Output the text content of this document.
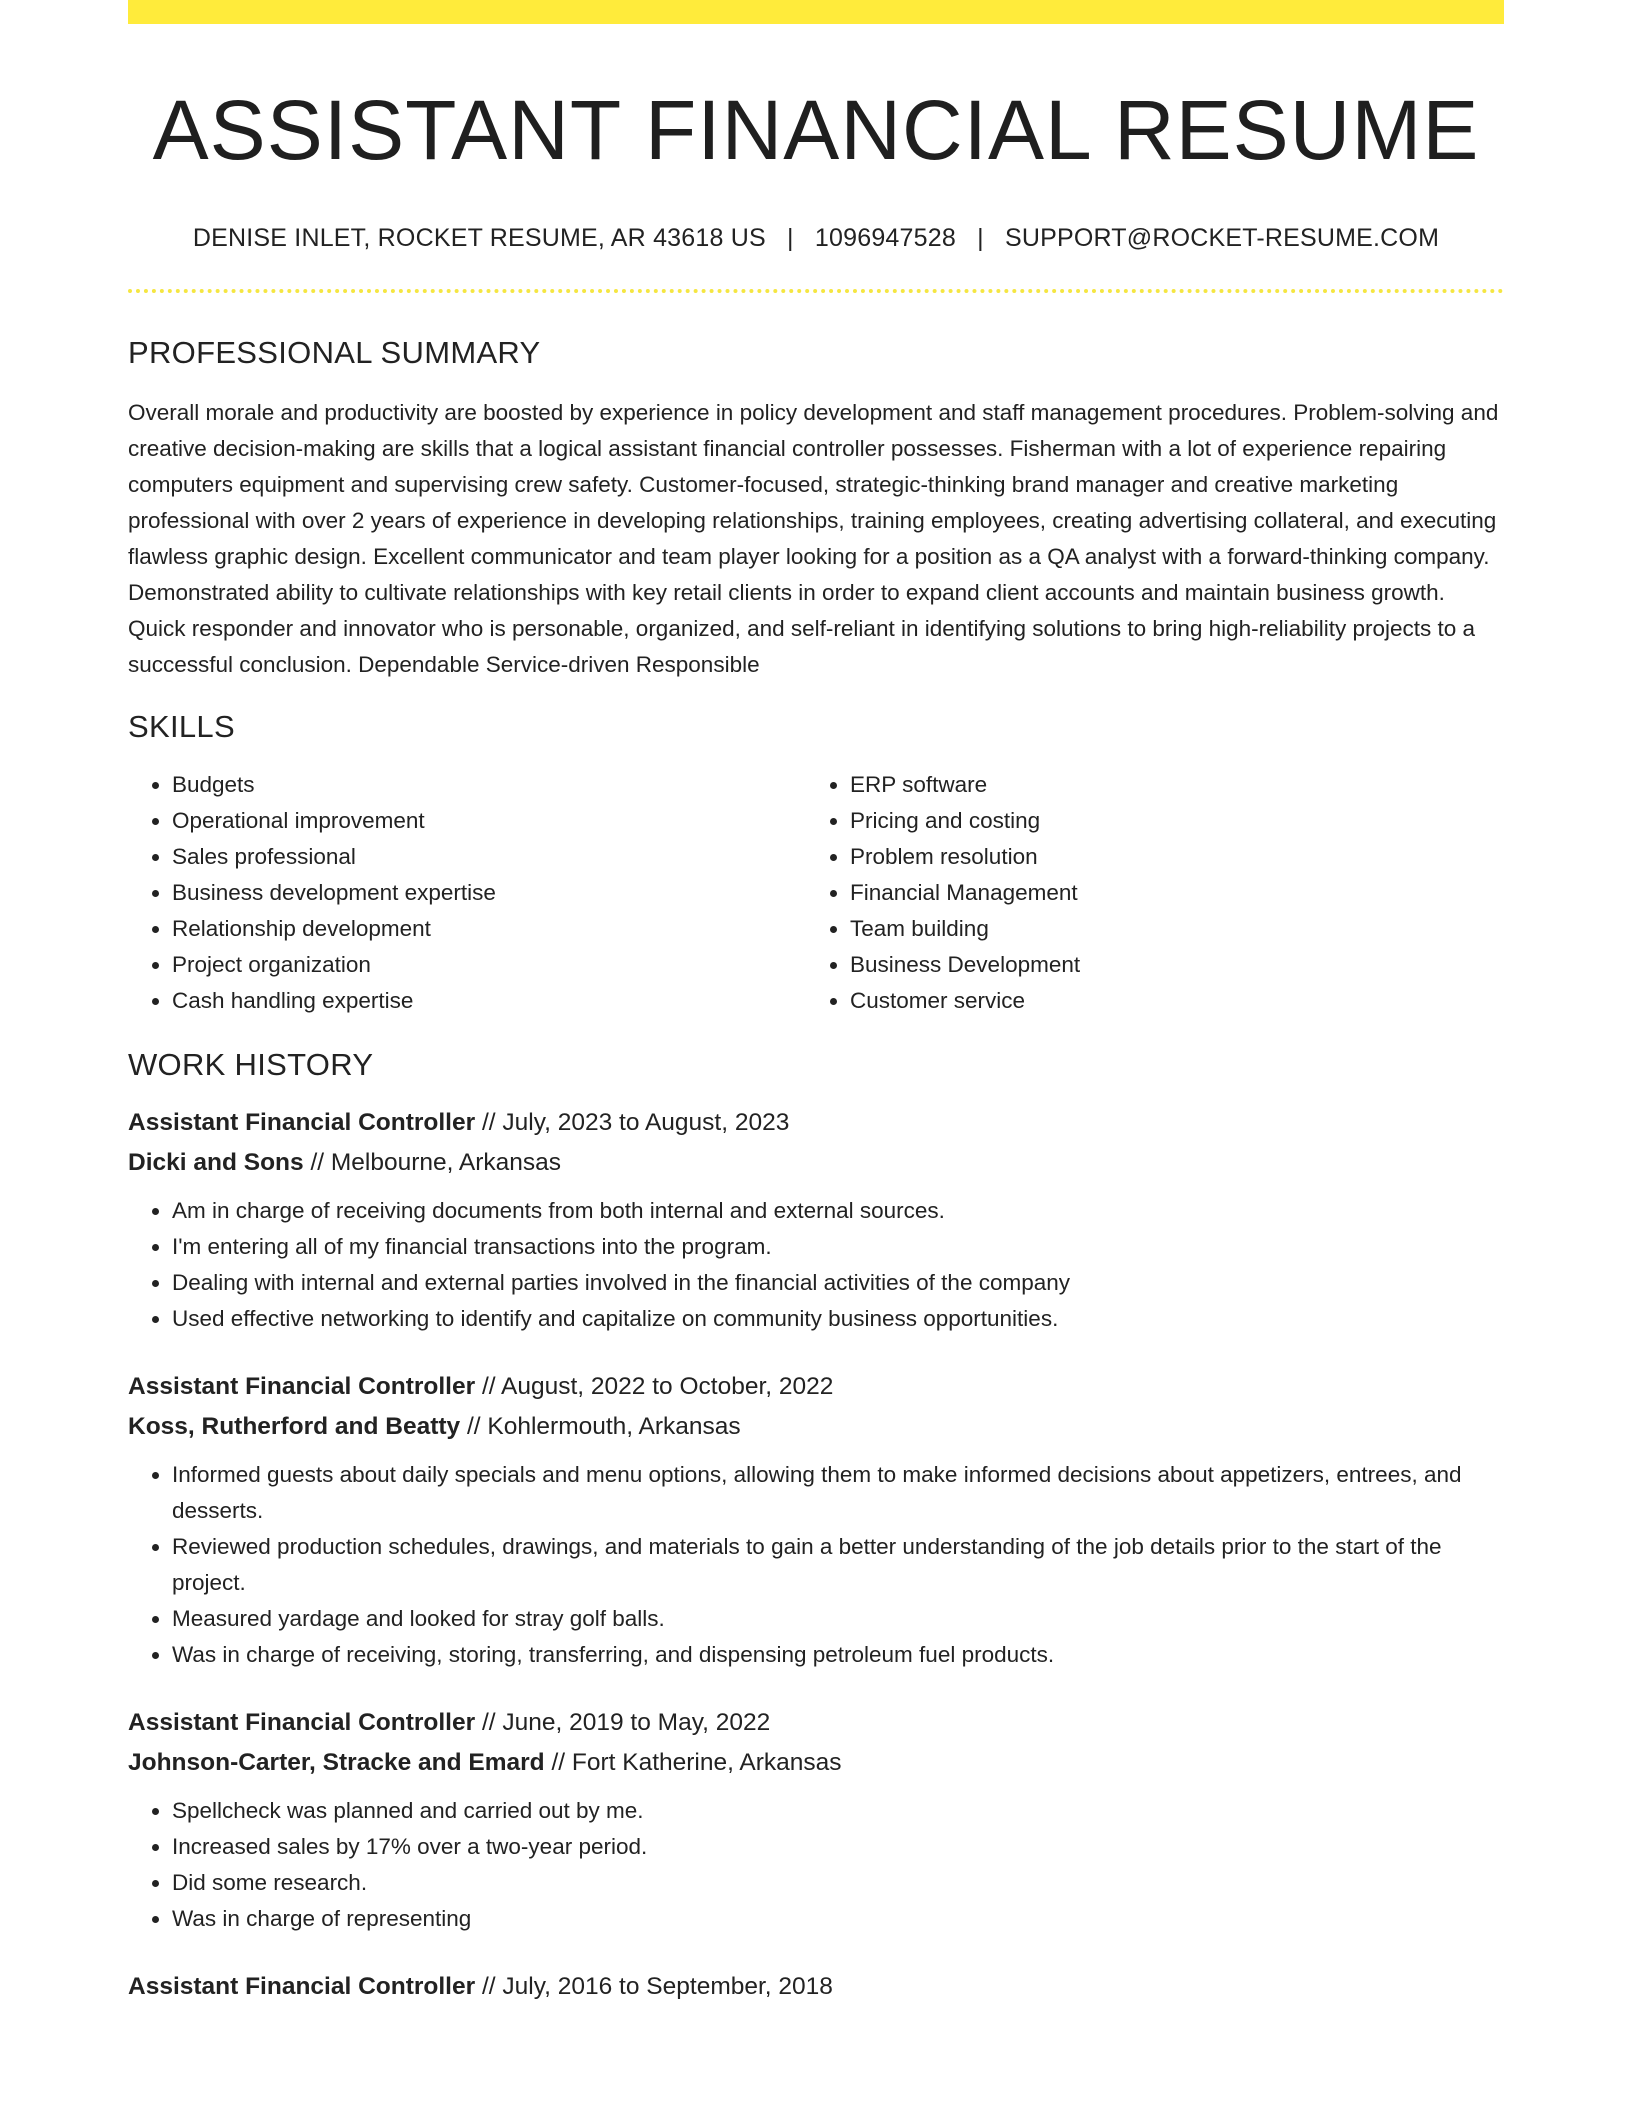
ASSISTANT FINANCIAL RESUME
DENISE INLET, ROCKET RESUME, AR 43618 US | 1096947528 | SUPPORT@ROCKET-RESUME.COM
PROFESSIONAL SUMMARY
Overall morale and productivity are boosted by experience in policy development and staff management procedures. Problem-solving and creative decision-making are skills that a logical assistant financial controller possesses. Fisherman with a lot of experience repairing computers equipment and supervising crew safety. Customer-focused, strategic-thinking brand manager and creative marketing professional with over 2 years of experience in developing relationships, training employees, creating advertising collateral, and executing flawless graphic design. Excellent communicator and team player looking for a position as a QA analyst with a forward-thinking company. Demonstrated ability to cultivate relationships with key retail clients in order to expand client accounts and maintain business growth. Quick responder and innovator who is personable, organized, and self-reliant in identifying solutions to bring high-reliability projects to a successful conclusion. Dependable Service-driven Responsible
SKILLS
• Budgets
• Operational improvement
• Sales professional
• Business development expertise
• Relationship development
• Project organization
• Cash handling expertise
• ERP software
• Pricing and costing
• Problem resolution
• Financial Management
• Team building
• Business Development
• Customer service
WORK HISTORY
Assistant Financial Controller // July, 2023 to August, 2023
Dicki and Sons // Melbourne, Arkansas
• Am in charge of receiving documents from both internal and external sources.
• I'm entering all of my financial transactions into the program.
• Dealing with internal and external parties involved in the financial activities of the company
• Used effective networking to identify and capitalize on community business opportunities.
Assistant Financial Controller // August, 2022 to October, 2022
Koss, Rutherford and Beatty // Kohlermouth, Arkansas
• Informed guests about daily specials and menu options, allowing them to make informed decisions about appetizers, entrees, and desserts.
• Reviewed production schedules, drawings, and materials to gain a better understanding of the job details prior to the start of the project.
• Measured yardage and looked for stray golf balls.
• Was in charge of receiving, storing, transferring, and dispensing petroleum fuel products.
Assistant Financial Controller // June, 2019 to May, 2022
Johnson-Carter, Stracke and Emard // Fort Katherine, Arkansas
• Spellcheck was planned and carried out by me.
• Increased sales by 17% over a two-year period.
• Did some research.
• Was in charge of representing
Assistant Financial Controller // July, 2016 to September, 2018
